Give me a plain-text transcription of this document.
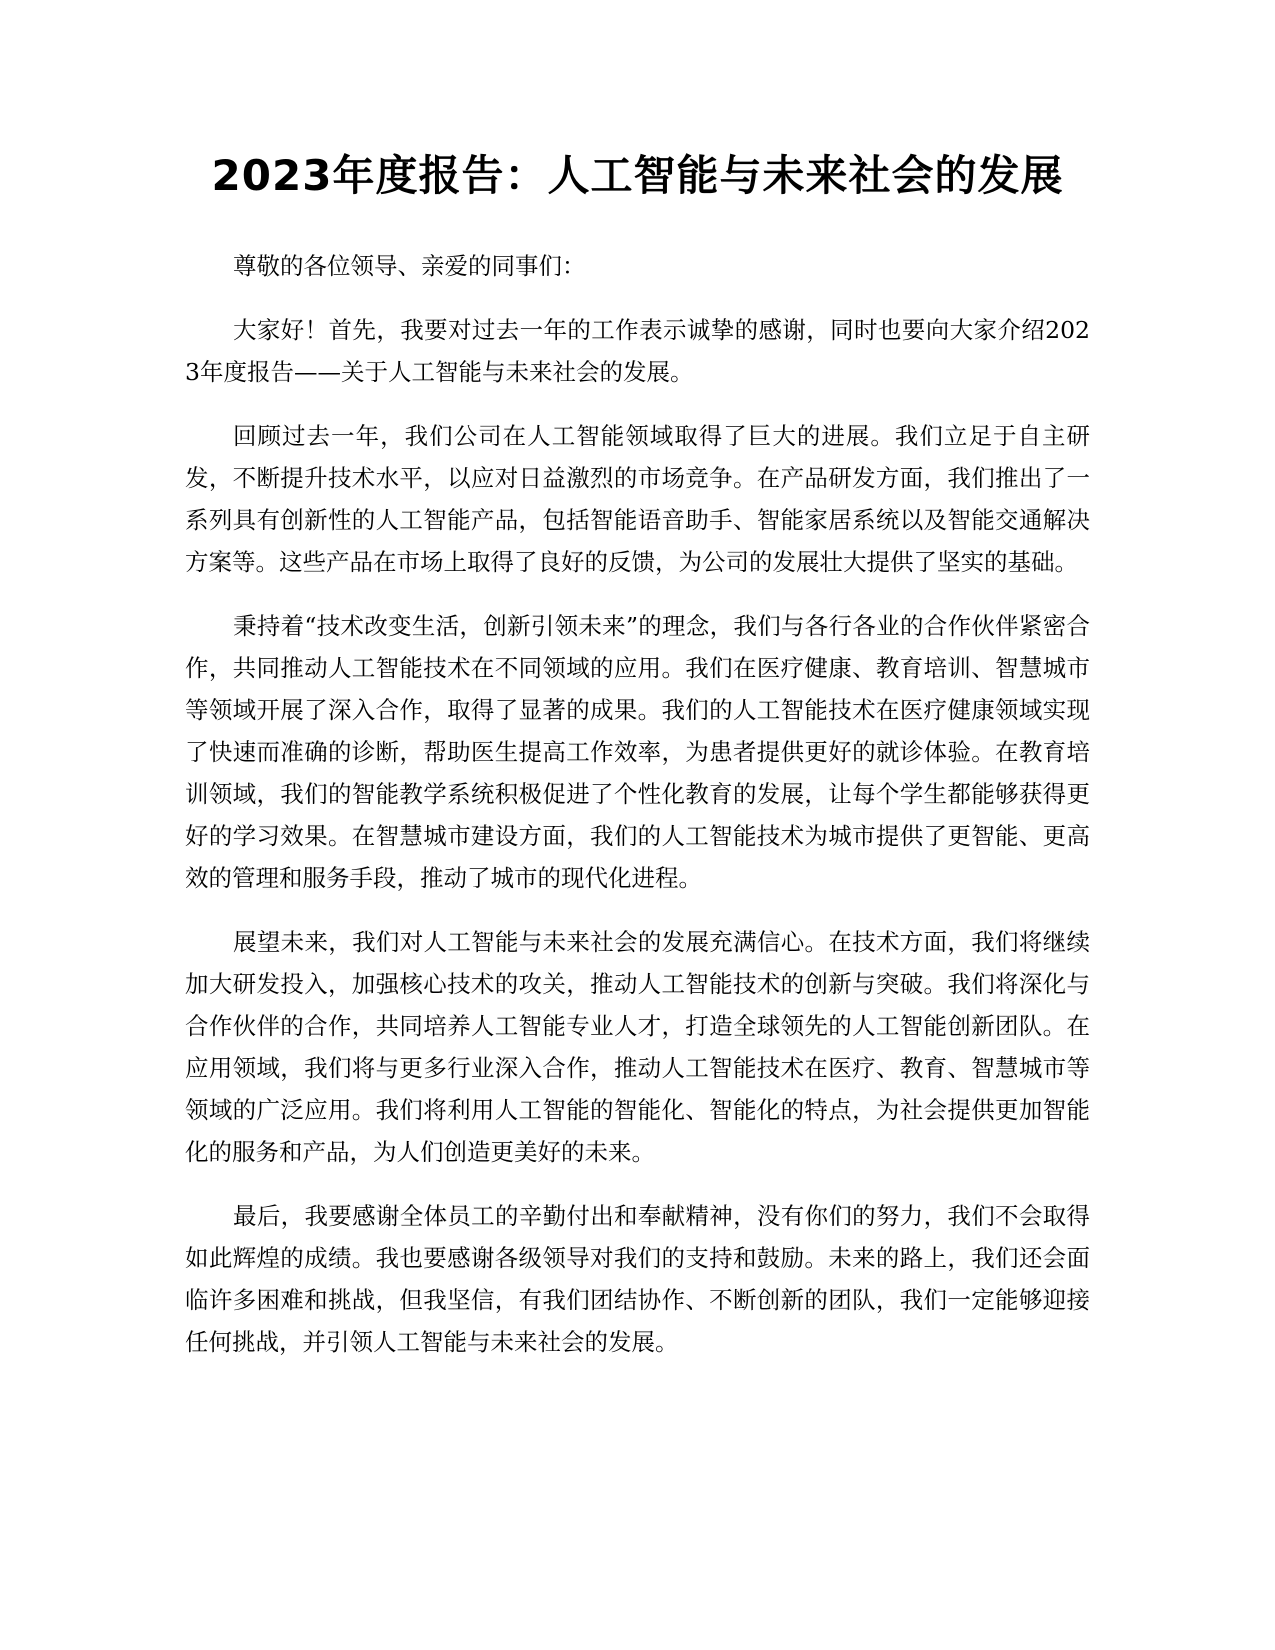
2023年度报告：人工智能与未来社会的发展

尊敬的各位领导、亲爱的同事们：

大家好！首先，我要对过去一年的工作表示诚挚的感谢，同时也要向大家介绍2023年度报告——关于人工智能与未来社会的发展。

回顾过去一年，我们公司在人工智能领域取得了巨大的进展。我们立足于自主研发，不断提升技术水平，以应对日益激烈的市场竞争。在产品研发方面，我们推出了一系列具有创新性的人工智能产品，包括智能语音助手、智能家居系统以及智能交通解决方案等。这些产品在市场上取得了良好的反馈，为公司的发展壮大提供了坚实的基础。

秉持着“技术改变生活，创新引领未来”的理念，我们与各行各业的合作伙伴紧密合作，共同推动人工智能技术在不同领域的应用。我们在医疗健康、教育培训、智慧城市等领域开展了深入合作，取得了显著的成果。我们的人工智能技术在医疗健康领域实现了快速而准确的诊断，帮助医生提高工作效率，为患者提供更好的就诊体验。在教育培训领域，我们的智能教学系统积极促进了个性化教育的发展，让每个学生都能够获得更好的学习效果。在智慧城市建设方面，我们的人工智能技术为城市提供了更智能、更高效的管理和服务手段，推动了城市的现代化进程。

展望未来，我们对人工智能与未来社会的发展充满信心。在技术方面，我们将继续加大研发投入，加强核心技术的攻关，推动人工智能技术的创新与突破。我们将深化与合作伙伴的合作，共同培养人工智能专业人才，打造全球领先的人工智能创新团队。在应用领域，我们将与更多行业深入合作，推动人工智能技术在医疗、教育、智慧城市等领域的广泛应用。我们将利用人工智能的智能化、智能化的特点，为社会提供更加智能化的服务和产品，为人们创造更美好的未来。

最后，我要感谢全体员工的辛勤付出和奉献精神，没有你们的努力，我们不会取得如此辉煌的成绩。我也要感谢各级领导对我们的支持和鼓励。未来的路上，我们还会面临许多困难和挑战，但我坚信，有我们团结协作、不断创新的团队，我们一定能够迎接任何挑战，并引领人工智能与未来社会的发展。
